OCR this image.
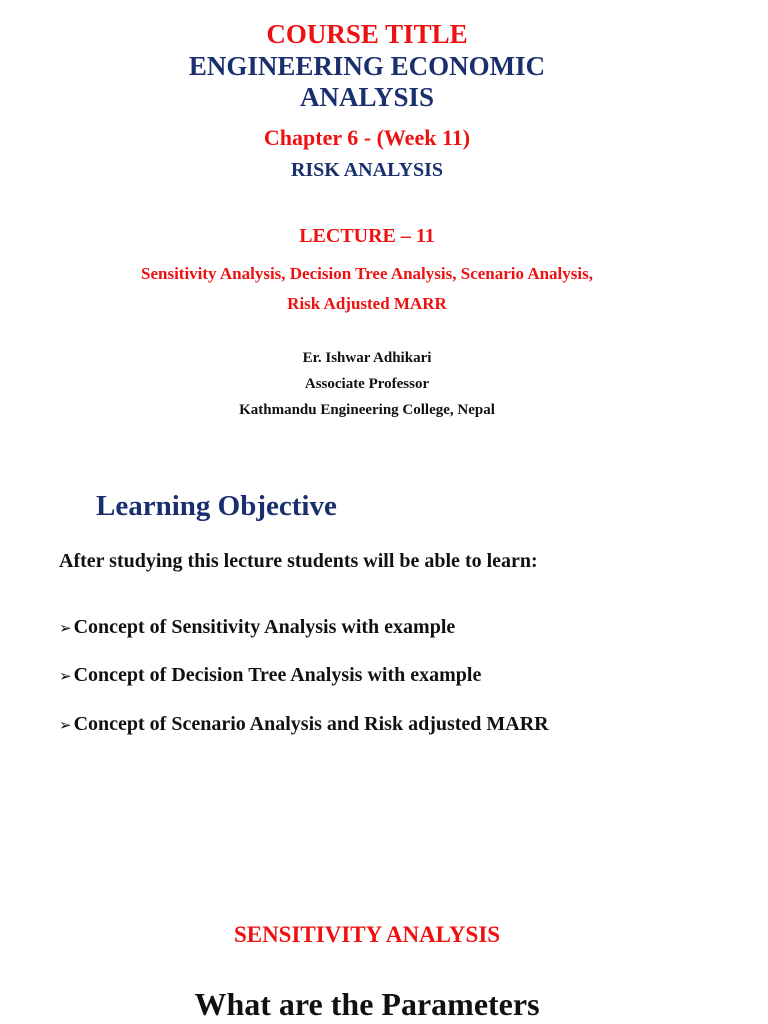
COURSE TITLE
ENGINEERING ECONOMIC
ANALYSIS
Chapter 6 - (Week 11)
RISK ANALYSIS
LECTURE – 11
Sensitivity Analysis, Decision Tree Analysis, Scenario Analysis,
Risk Adjusted MARR
Er. Ishwar Adhikari
Associate Professor
Kathmandu Engineering College, Nepal
Learning Objective
After studying this lecture students will be able to learn:
➢ Concept of Sensitivity Analysis with example
➢ Concept of Decision Tree Analysis with example
➢ Concept of Scenario Analysis and Risk adjusted MARR
SENSITIVITY ANALYSIS
What are the Parameters
